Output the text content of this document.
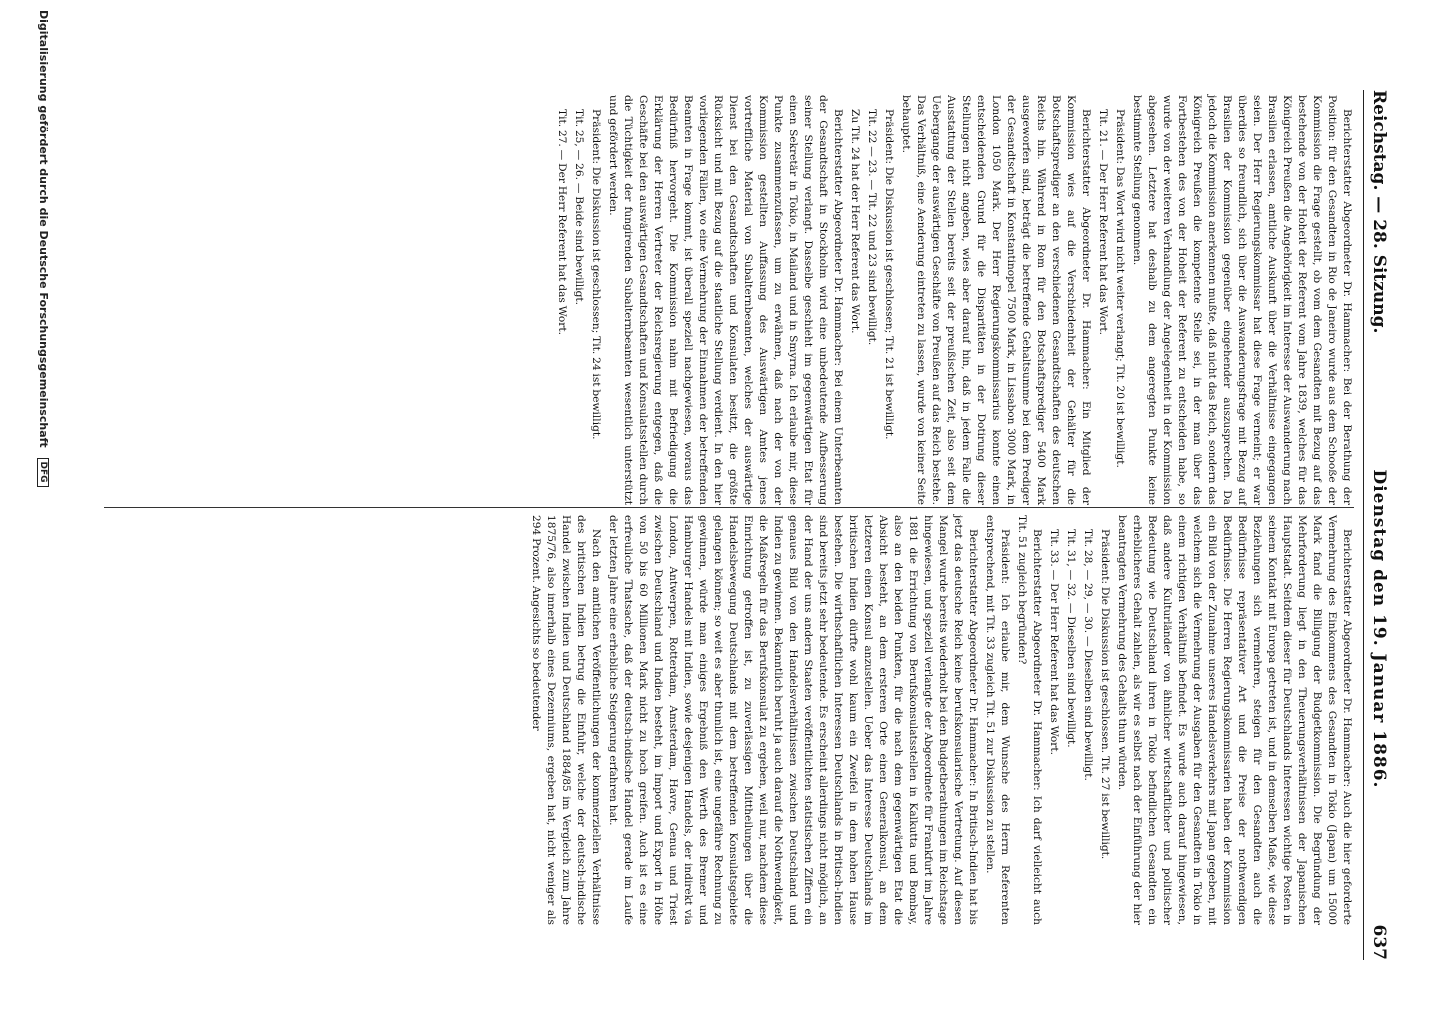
Reichstag. — 28. Sitzung.
Dienstag den 19. Januar 1886.
637

Berichterstatter Abgeordneter Dr. Hammacher: Bei der Berathung der Position: für den Gesandten in Rio de Janeiro wurde aus dem Schooße der Kommission die Frage gestellt, ob vom dem Gesandten mit Bezug auf das bestehende von der Hoheit der Referent vom Jahre 1839, welches für das Königreich Preußen die Angehörigkeit im Interesse der Auswanderung nach Brasilien erlassen, amtliche Auskunft über die Verhältnisse eingegangen seien. Der Herr Regierungskommissar hat diese Frage verneint; er war überdies so freundlich, sich über die Auswanderungsfrage mit Bezug auf Brasilien der Kommission gegenüber eingehender auszusprechen. Da jedoch die Kommission anerkennen mußte, daß nicht das Reich, sondern das Königreich Preußen die kompetente Stelle sei, in der man über das Fortbestehen des von der Hoheit der Referent zu entscheiden habe, so wurde von der weiteren Verhandlung der Angelegenheit in der Kommission abgesehen. Letztere hat deshalb zu dem angeregten Punkte keine bestimmte Stellung genommen.

Präsident: Das Wort wird nicht weiter verlangt; Tit. 20 ist bewilligt.

Tit. 21. — Der Herr Referent hat das Wort.

Berichterstatter Abgeordneter Dr. Hammacher: Ein Mitglied der Kommission wies auf die Verschiedenheit der Gehälter für die Botschaftsprediger an den verschiedenen Gesandtschaften des deutschen Reichs hin. Während in Rom für den Botschaftsprediger 5400 Mark ausgeworfen sind, beträgt die betreffende Gehaltsumme bei dem Prediger der Gesandtschaft in Konstantinopel 7500 Mark, in Lissabon 3000 Mark, in London 1050 Mark. Der Herr Regierungskommissarius konnte einen entscheidenden Grund für die Disparitäten in der Dotirung dieser Stellungen nicht angeben, wies aber darauf hin, daß in jedem Falle die Ausstattung der Stellen bereits seit der preußischen Zeit, also seit dem Uebergange der auswärtigen Geschäfte von Preußen auf das Reich bestehe. Das Verhältniß, eine Aenderung eintreten zu lassen, wurde von keiner Seite behauptet.

Präsident: Die Diskussion ist geschlossen; Tit. 21 ist bewilligt.

Tit. 22 — 23. — Tit. 22 und 23 sind bewilligt.

Zu Tit. 24 hat der Herr Referent das Wort.

Berichterstatter Abgeordneter Dr. Hammacher: Bei einem Unterbeamten der Gesandtschaft in Stockholm wird eine unbedeutende Aufbesserung seiner Stellung verlangt. Dasselbe geschieht im gegenwärtigen Etat für einen Sekretär in Tokio, in Mailand und in Smyrna. Ich erlaube mir, diese Punkte zusammenzufassen, um zu erwähnen, daß nach der von der Kommission gestellten Auffassung des Auswärtigen Amtes jenes vortreffliche Material von Subalternbeamten, welches der auswärtige Dienst bei den Gesandtschaften und Konsulaten besitzt, die größte Rücksicht und mit Bezug auf die staatliche Stellung verdient. In den hier vorliegenden Fällen, wo eine Vermehrung der Einnahmen der betreffenden Beamten in Frage kommt, ist überall speziell nachgewiesen, woraus das Bedürfniß hervorgeht. Die Kommission nahm mit Befriedigung die Erklärung der Herren Vertreter der Reichsregierung entgegen, daß die Geschäfte bei den auswärtigen Gesandtschaften und Konsulatsstellen durch die Tüchtigkeit der fungirenden Subalternbeamten wesentlich unterstützt und gefördert werden.

Präsident: Die Diskussion ist geschlossen; Tit. 24 ist bewilligt.

Tit. 25, — 26. — Beide sind bewilligt.

Tit. 27. — Der Herr Referent hat das Wort.

Berichterstatter Abgeordneter Dr. Hammacher: Auch die hier geforderte Vermehrung des Einkommens des Gesandten in Tokio (Japan) um 15000 Mark fand die Billigung der Budgetkommission. Die Begründung der Mehrforderung liegt in den Theuerungsverhältnissen der Japanischen Hauptstadt. Seitdem dieser für Deutschlands Interessen wichtige Posten in seinem Kontakt mit Europa getreten ist, und in demselben Maße, wie diese Beziehungen sich vermehren, steigen für den Gesandten auch die Bedürfnisse repräsentativer Art und die Preise der nothwendigen Bedürfnisse. Die Herren Regierungskommissarien haben der Kommission ein Bild von der Zunahme unseres Handelsverkehrs mit Japan gegeben, mit welchem sich die Vermehrung der Ausgaben für den Gesandten in Tokio in einem richtigen Verhältniß befindet. Es wurde auch darauf hingewiesen, daß andere Kulturländer von ähnlicher wirtschaftlicher und politischer Bedeutung wie Deutschland ihren in Tokio befindlichen Gesandten ein erheblicheres Gehalt zahlen, als wir es selbst nach der Einführung der hier beantragten Vermehrung des Gehalts thun würden.

Präsident: Die Diskussion ist geschlossen. Tit. 27 ist bewilligt.

Tit. 28, — 29, — 30. — Dieselben sind bewilligt.

Tit. 31, — 32. — Dieselben sind bewilligt.

Tit. 33. — Der Herr Referent hat das Wort.

Berichterstatter Abgeordneter Dr. Hammacher: Ich darf vielleicht auch Tit. 51 zugleich begründen?

Präsident: Ich erlaube mir, dem Wunsche des Herrn Referenten entsprechend, mit Tit. 33 zugleich Tit. 51 zur Diskussion zu stellen.

Berichterstatter Abgeordneter Dr. Hammacher: In Britisch-Indien hat bis jetzt das deutsche Reich keine berufskonsularische Vertretung. Auf diesen Mangel wurde bereits wiederholt bei den Budgetberathungen im Reichstage hingewiesen, und speziell verlangte der Abgeordnete für Frankfurt im Jahre 1881 die Errichtung von Berufskonsulatsstellen in Kalkutta und Bombay, also an den beiden Punkten, für die nach dem gegenwärtigen Etat die Absicht besteht, an dem ersteren Orte einen Generalkonsul, an dem letzteren einen Konsul anzustellen. Ueber das Interesse Deutschlands im britischen Indien dürfte wohl kaum ein Zweifel in dem hohen Hause bestehen. Die wirthschaftlichen Interessen Deutschlands in Britisch-Indien sind bereits jetzt sehr bedeutende. Es erscheint allerdings nicht möglich, an der Hand der uns andern Staaten veröffentlichten statistischen Ziffern ein genaues Bild von den Handelsverhältnissen zwischen Deutschland und Indien zu gewinnen. Bekanntlich beruht ja auch darauf die Nothwendigkeit, die Maßregeln für das Berufskonsulat zu ergeben, weil nur, nachdem diese Einrichtung getroffen ist, zu zuverlässigen Mittheilungen über die Handelsbewegung Deutschlands mit dem betreffenden Konsulatsgebiete gelangen können; so weit es aber thunlich ist, eine ungefähre Rechnung zu gewinnen, würde man einiges Ergebniß den Werth des Bremer und Hamburger Handels mit Indien, sowie desjenigen Handels, der indirekt via London, Antwerpen, Rotterdam, Amsterdam, Havre, Genua und Triest zwischen Deutschland und Indien besteht, im Import und Export in Höhe von 50 bis 60 Millionen Mark nicht zu hoch greifen. Auch ist es eine erfreuliche Thatsache, daß der deutsch-indische Handel gerade im Laufe der letzten Jahre eine erhebliche Steigerung erfahren hat.

Nach den amtlichen Veröffentlichungen der kommerziellen Verhältnisse des britischen Indien betrug die Einfuhr, welche der deutsch-indische Handel zwischen Indien und Deutschland 1884/85 im Vergleich zum Jahre 1875/76, also innerhalb eines Dezenniums, ergeben hat, nicht weniger als 294 Prozent. Angesichts so bedeutender

Digitalisierung gefördert durch die Deutsche Forschungsgemeinschaft DFG
